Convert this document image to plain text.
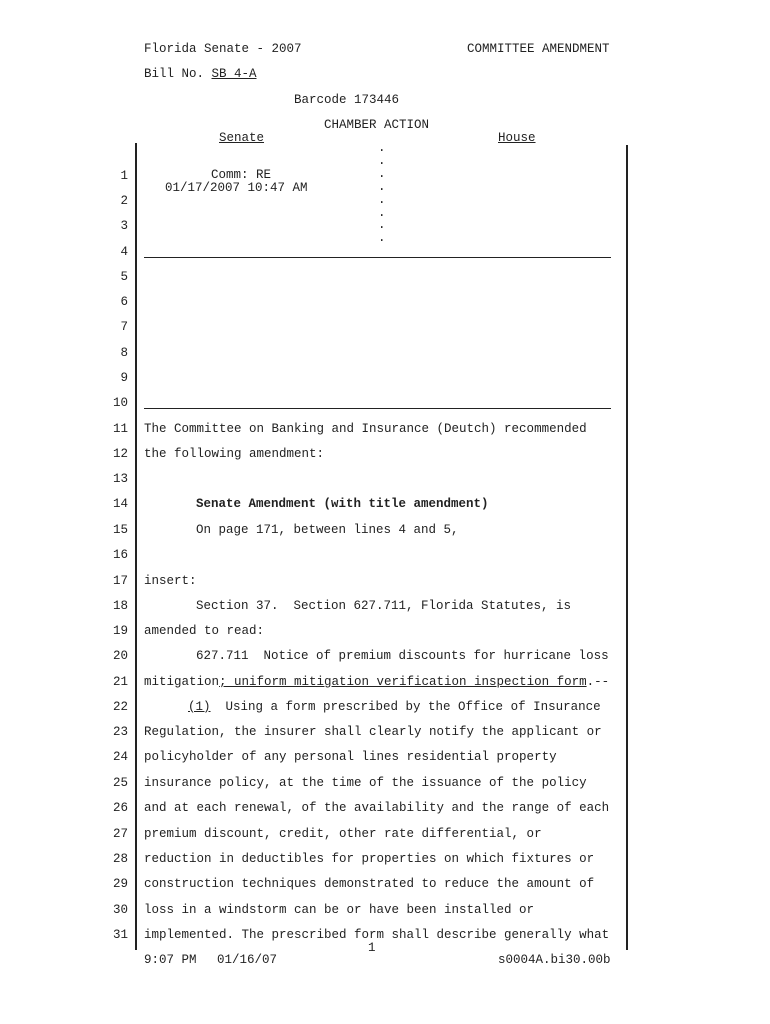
Florida Senate - 2007	COMMITTEE AMENDMENT
Bill No. SB 4-A
Barcode 173446
CHAMBER ACTION
Senate	House
Comm: RE
01/17/2007 10:47 AM
.
.
.
.
.
.
.
.
1
2
3
4
5
6
7
8
9
10
11
12
13
14
15
16
17
18
19
20
21
22
23
24
25
26
27
28
29
30
31
The Committee on Banking and Insurance (Deutch) recommended
the following amendment:
Senate Amendment (with title amendment)
On page 171, between lines 4 and 5,
insert:
Section 37.  Section 627.711, Florida Statutes, is
amended to read:
627.711  Notice of premium discounts for hurricane loss
mitigation; uniform mitigation verification inspection form.--
(1)  Using a form prescribed by the Office of Insurance
Regulation, the insurer shall clearly notify the applicant or
policyholder of any personal lines residential property
insurance policy, at the time of the issuance of the policy
and at each renewal, of the availability and the range of each
premium discount, credit, other rate differential, or
reduction in deductibles for properties on which fixtures or
construction techniques demonstrated to reduce the amount of
loss in a windstorm can be or have been installed or
implemented. The prescribed form shall describe generally what
1
9:07 PM 01/16/07	s0004A.bi30.00b
